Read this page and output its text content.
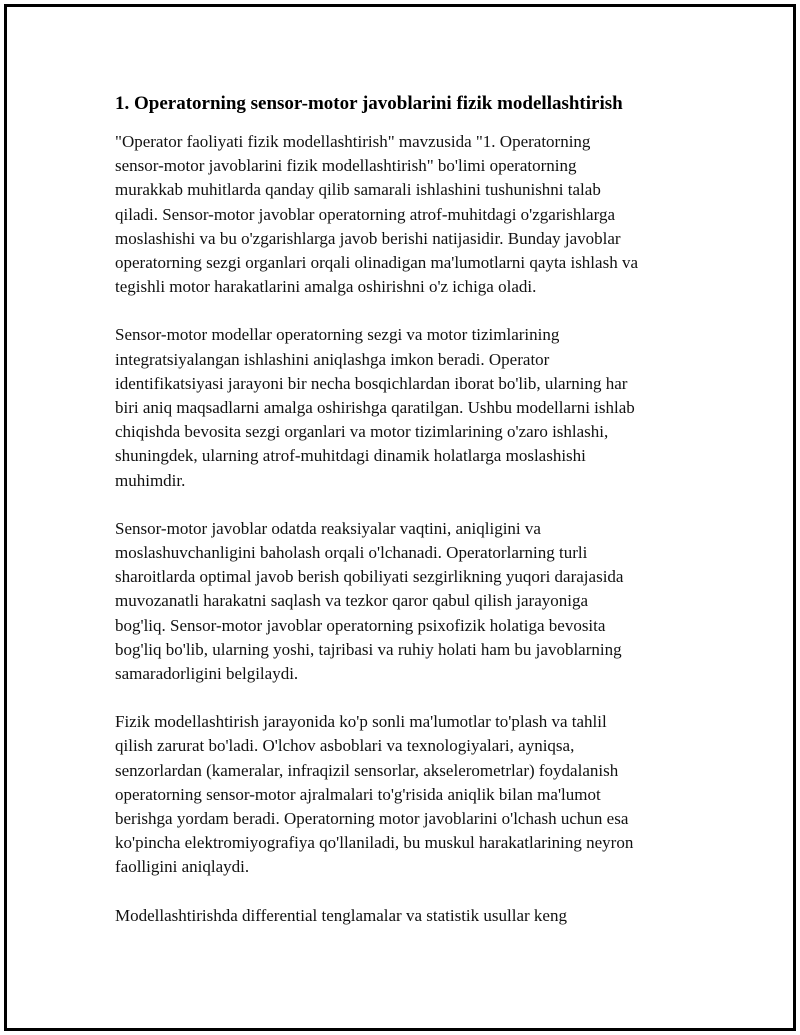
1. Operatorning sensor-motor javoblarini fizik modellashtirish

"Operator faoliyati fizik modellashtirish" mavzusida "1. Operatorning
sensor-motor javoblarini fizik modellashtirish" bo'limi operatorning
murakkab muhitlarda qanday qilib samarali ishlashini tushunishni talab
qiladi. Sensor-motor javoblar operatorning atrof-muhitdagi o'zgarishlarga
moslashishi va bu o'zgarishlarga javob berishi natijasidir. Bunday javoblar
operatorning sezgi organlari orqali olinadigan ma'lumotlarni qayta ishlash va
tegishli motor harakatlarini amalga oshirishni o'z ichiga oladi.

Sensor-motor modellar operatorning sezgi va motor tizimlarining
integratsiyalangan ishlashini aniqlashga imkon beradi. Operator
identifikatsiyasi jarayoni bir necha bosqichlardan iborat bo'lib, ularning har
biri aniq maqsadlarni amalga oshirishga qaratilgan. Ushbu modellarni ishlab
chiqishda bevosita sezgi organlari va motor tizimlarining o'zaro ishlashi,
shuningdek, ularning atrof-muhitdagi dinamik holatlarga moslashishi
muhimdir.

Sensor-motor javoblar odatda reaksiyalar vaqtini, aniqligini va
moslashuvchanligini baholash orqali o'lchanadi. Operatorlarning turli
sharoitlarda optimal javob berish qobiliyati sezgirlikning yuqori darajasida
muvozanatli harakatni saqlash va tezkor qaror qabul qilish jarayoniga
bog'liq. Sensor-motor javoblar operatorning psixofizik holatiga bevosita
bog'liq bo'lib, ularning yoshi, tajribasi va ruhiy holati ham bu javoblarning
samaradorligini belgilaydi.

Fizik modellashtirish jarayonida ko'p sonli ma'lumotlar to'plash va tahlil
qilish zarurat bo'ladi. O'lchov asboblari va texnologiyalari, ayniqsa,
senzorlardan (kameralar, infraqizil sensorlar, akselerometrlar) foydalanish
operatorning sensor-motor ajralmalari to'g'risida aniqlik bilan ma'lumot
berishga yordam beradi. Operatorning motor javoblarini o'lchash uchun esa
ko'pincha elektromiyografiya qo'llaniladi, bu muskul harakatlarining neyron
faolligini aniqlaydi.

Modellashtirishda differential tenglamalar va statistik usullar keng
